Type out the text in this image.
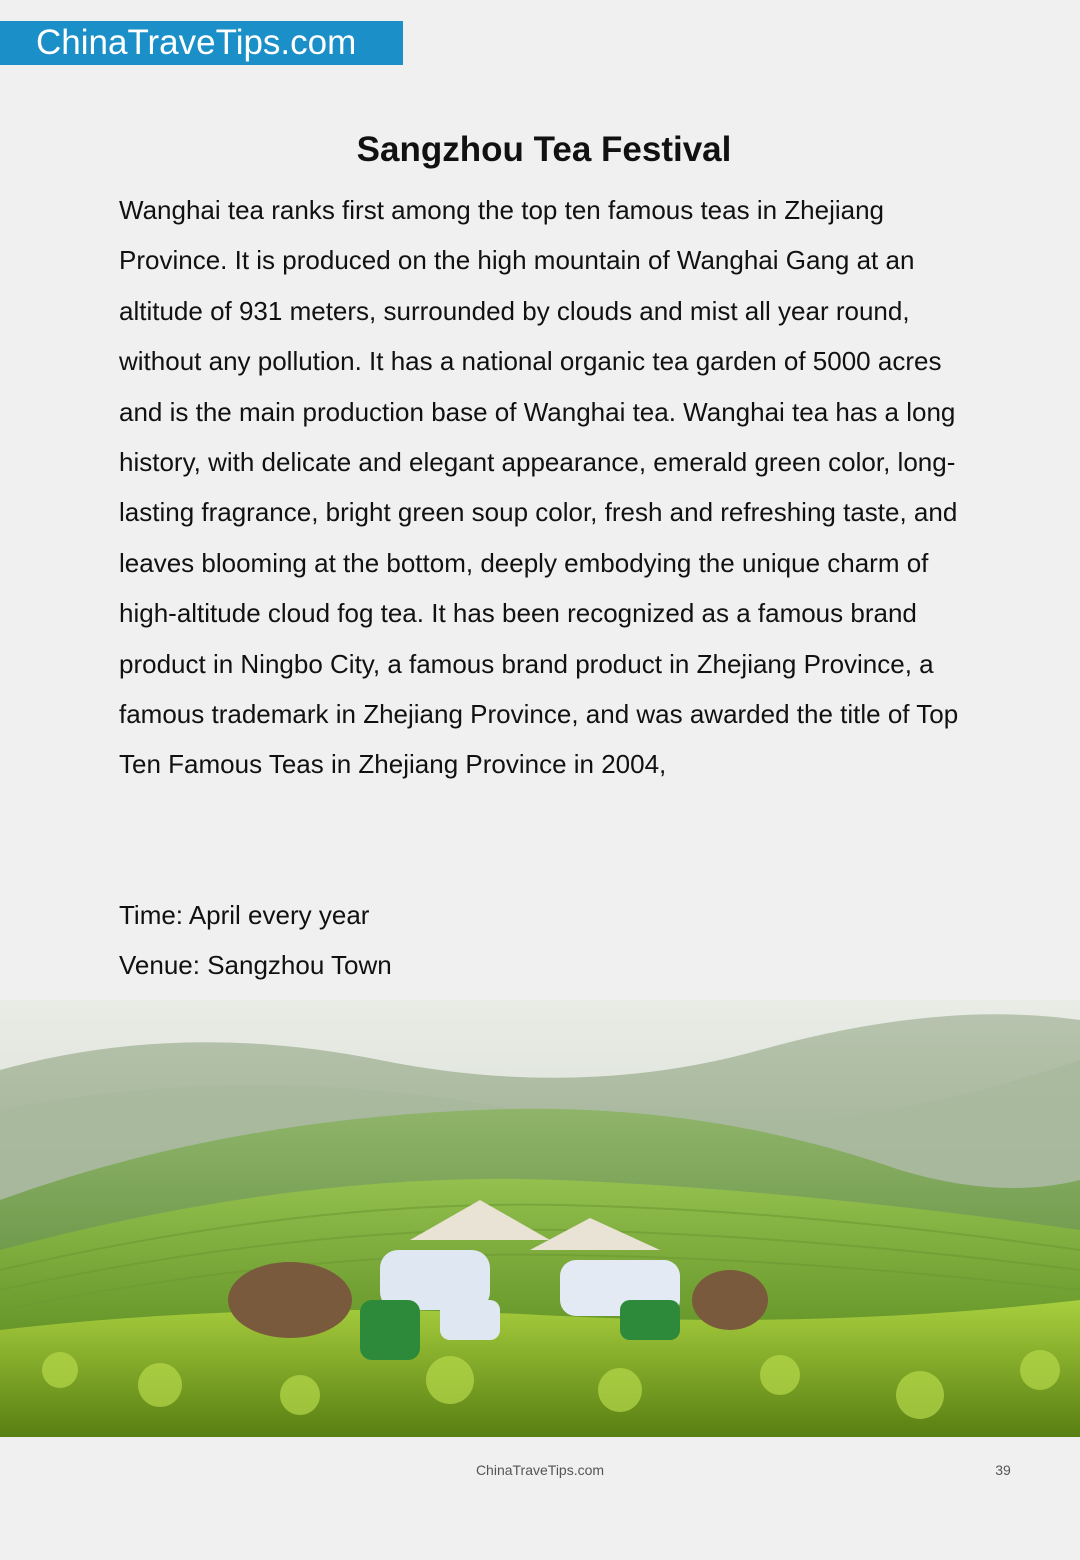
ChinaTraveTips.com
Sangzhou Tea Festival

Wanghai tea ranks first among the top ten famous teas in Zhejiang Province. It is produced on the high mountain of Wanghai Gang at an altitude of 931 meters, surrounded by clouds and mist all year round, without any pollution. It has a national organic tea garden of 5000 acres and is the main production base of Wanghai tea. Wanghai tea has a long history, with delicate and elegant appearance, emerald green color, long-lasting fragrance, bright green soup color, fresh and refreshing taste, and leaves blooming at the bottom, deeply embodying the unique charm of high-altitude cloud fog tea. It has been recognized as a famous brand product in Ningbo City, a famous brand product in Zhejiang Province, a famous trademark in Zhejiang Province, and was awarded the title of Top Ten Famous Teas in Zhejiang Province in 2004,

Time: April every year
Venue: Sangzhou Town
ChinaTraveTips.com	39
